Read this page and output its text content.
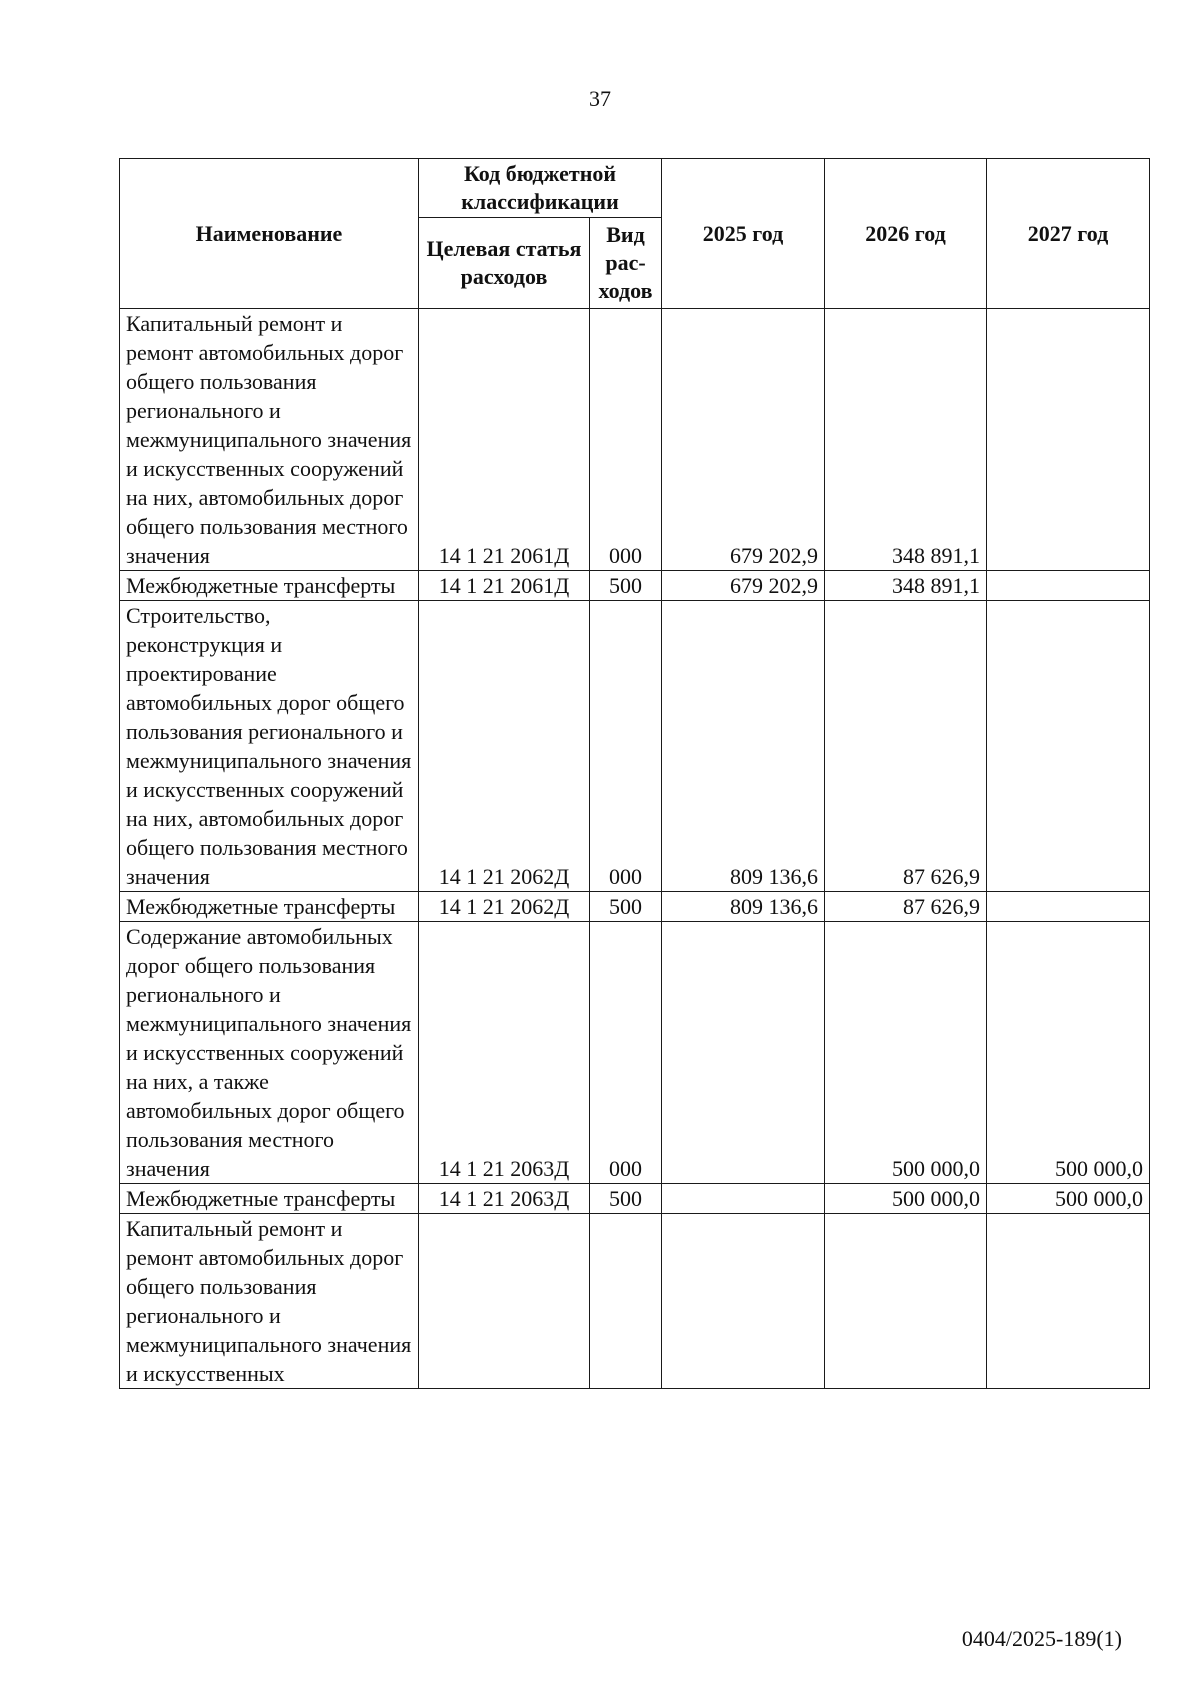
37
Наименование	Код бюджетной классификации		2025 год	2026 год	2027 год
	Целевая статья расходов	Вид рас- ходов			
Капитальный ремонт и ремонт автомобильных дорог общего пользования регионального и межмуниципального значения и искусственных сооружений на них, автомобильных дорог общего пользования местного значения	14 1 21 2061Д	000	679 202,9	348 891,1	
Межбюджетные трансферты	14 1 21 2061Д	500	679 202,9	348 891,1	
Строительство, реконструкция и проектирование автомобильных дорог общего пользования регионального и межмуниципального значения и искусственных сооружений на них, автомобильных дорог общего пользования местного значения	14 1 21 2062Д	000	809 136,6	87 626,9	
Межбюджетные трансферты	14 1 21 2062Д	500	809 136,6	87 626,9	
Содержание автомобильных дорог общего пользования регионального и межмуниципального значения и искусственных сооружений на них, а также автомобильных дорог общего пользования местного значения	14 1 21 2063Д	000		500 000,0	500 000,0
Межбюджетные трансферты	14 1 21 2063Д	500		500 000,0	500 000,0
Капитальный ремонт и ремонт автомобильных дорог общего пользования регионального и межмуниципального значения и искусственных					
0404/2025-189(1)
